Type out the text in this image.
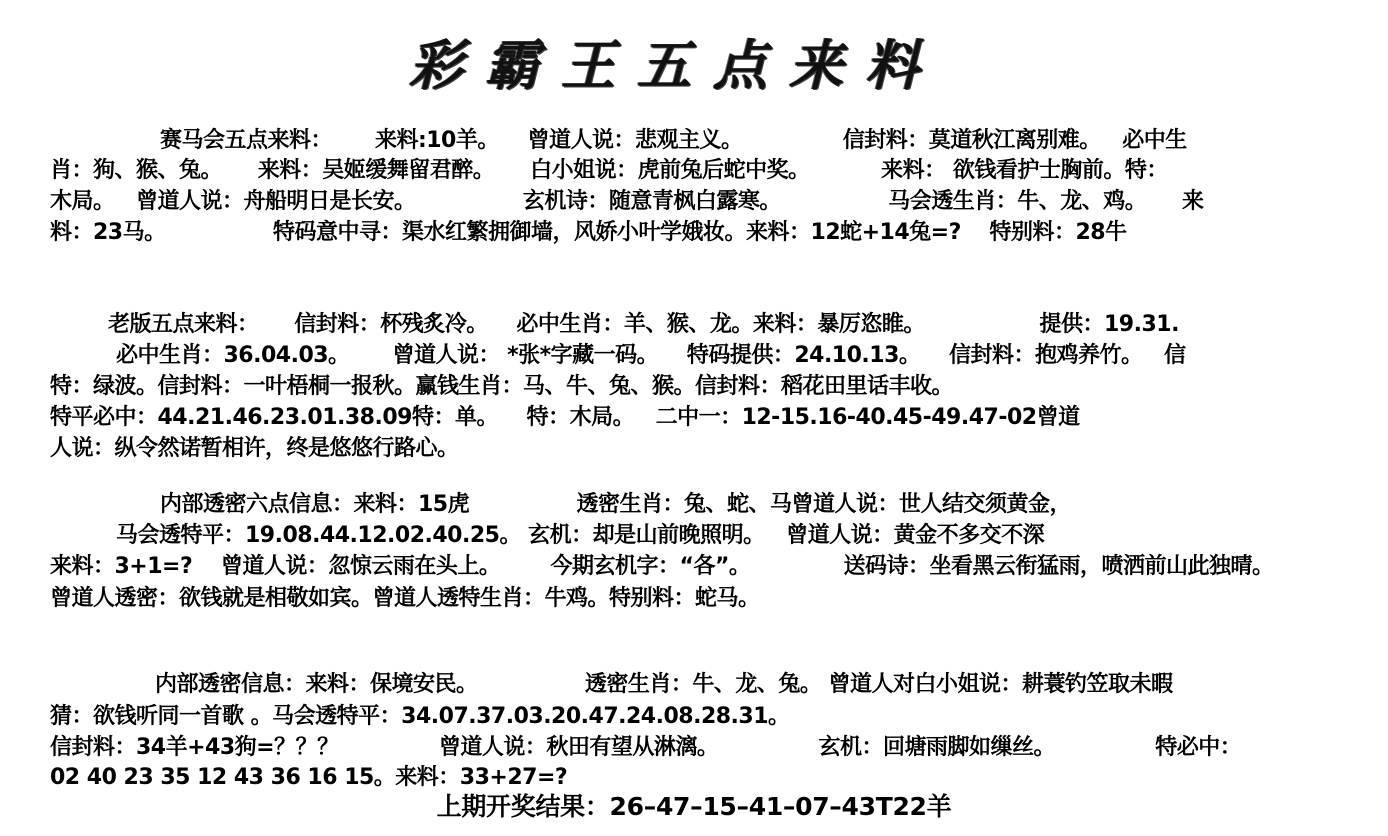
彩霸王五点来料
赛马会五点来料：      来料:10羊。    曾道人说：悲观主义。              信封料：莫道秋江离别难。   必中生
肖：狗、猴、兔。     来料：吴姬缓舞留君醉。     白小姐说：虎前兔后蛇中奖。          来料： 欲钱看护士胸前。特：
木局。   曾道人说：舟船明日是长安。               玄机诗：随意青枫白露寒。               马会透生肖：牛、龙、鸡。     来
料：23马。               特码意中寻：渠水红繁拥御墙，风娇小叶学娥妆。来料：12蛇+14兔=?    特别料：28牛
老版五点来料：     信封料：杯残炙冷。    必中生肖：羊、猴、龙。来料：暴厉恣睢。                提供：19.31.
必中生肖：36.04.03。      曾道人说： *张*字藏一码。    特码提供：24.10.13。    信封料：抱鸡养竹。   信
特：绿波。信封料：一叶梧桐一报秋。赢钱生肖：马、牛、兔、猴。信封料：稻花田里话丰收。
特平必中：44.21.46.23.01.38.09特：单。    特：木局。   二中一：12-15.16-40.45-49.47-02曾道
人说：纵令然诺暂相许，终是悠悠行路心。
内部透密六点信息：来料：15虎               透密生肖：兔、蛇、马曾道人说：世人结交须黄金，
马会透特平：19.08.44.12.02.40.25。 玄机：却是山前晚照明。   曾道人说：黄金不多交不深
来料：3+1=?    曾道人说：忽惊云雨在头上。       今期玄机字：“各”。             送码诗：坐看黑云衔猛雨，喷洒前山此独晴。
曾道人透密：欲钱就是相敬如宾。曾道人透特生肖：牛鸡。特别料：蛇马。
内部透密信息：来料：保境安民。               透密生肖：牛、龙、兔。 曾道人对白小姐说：耕蓑钓笠取未暇
猜：欲钱听同一首歌 。马会透特平：34.07.37.03.20.47.24.08.28.31。
信封料：34羊+43狗=？？？              曾道人说：秋田有望从淋漓。              玄机：回塘雨脚如缫丝。              特必中：
02 40 23 35 12 43 36 16 15。来料：33+27=?
上期开奖结果：26–47–15–41–07–43T22羊
